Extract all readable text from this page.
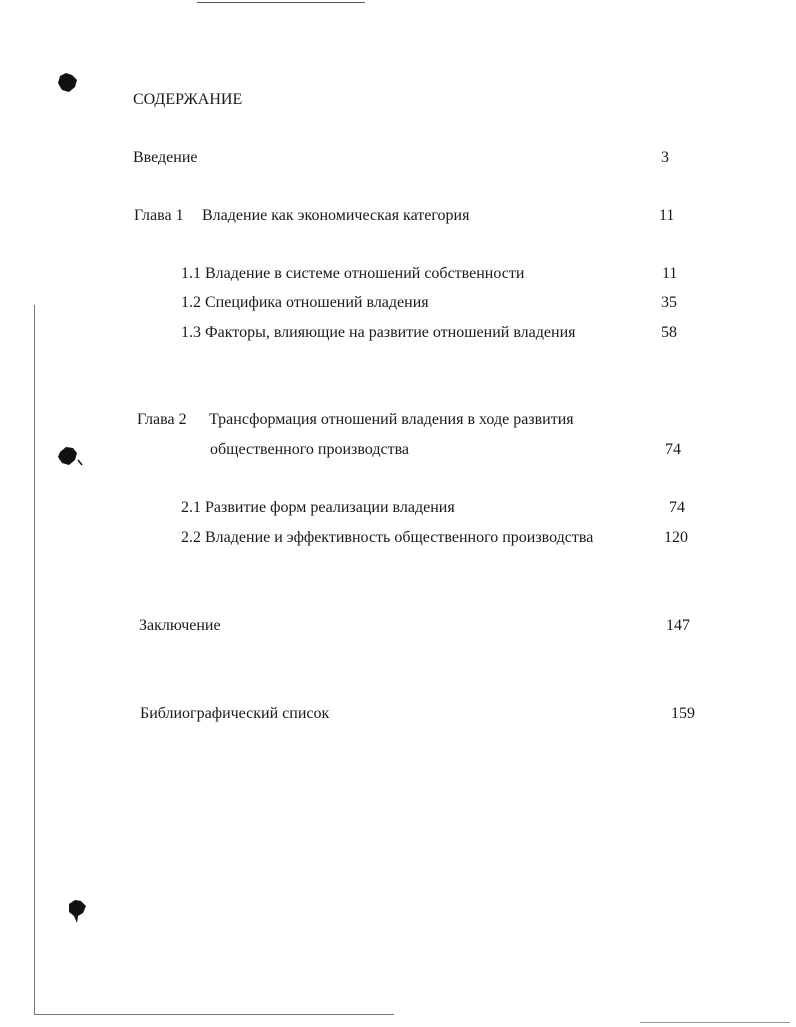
СОДЕРЖАНИЕ
Введение	3
Глава 1 Владение как экономическая категория	11
1.1 Владение в системе отношений собственности	11
1.2 Специфика отношений владения	35
1.3 Факторы, влияющие на развитие отношений владения	58
Глава 2 Трансформация отношений владения в ходе развития
общественного производства	74
2.1 Развитие форм реализации владения	74
2.2 Владение и эффективность общественного производства	120
Заключение	147
Библиографический список	159
